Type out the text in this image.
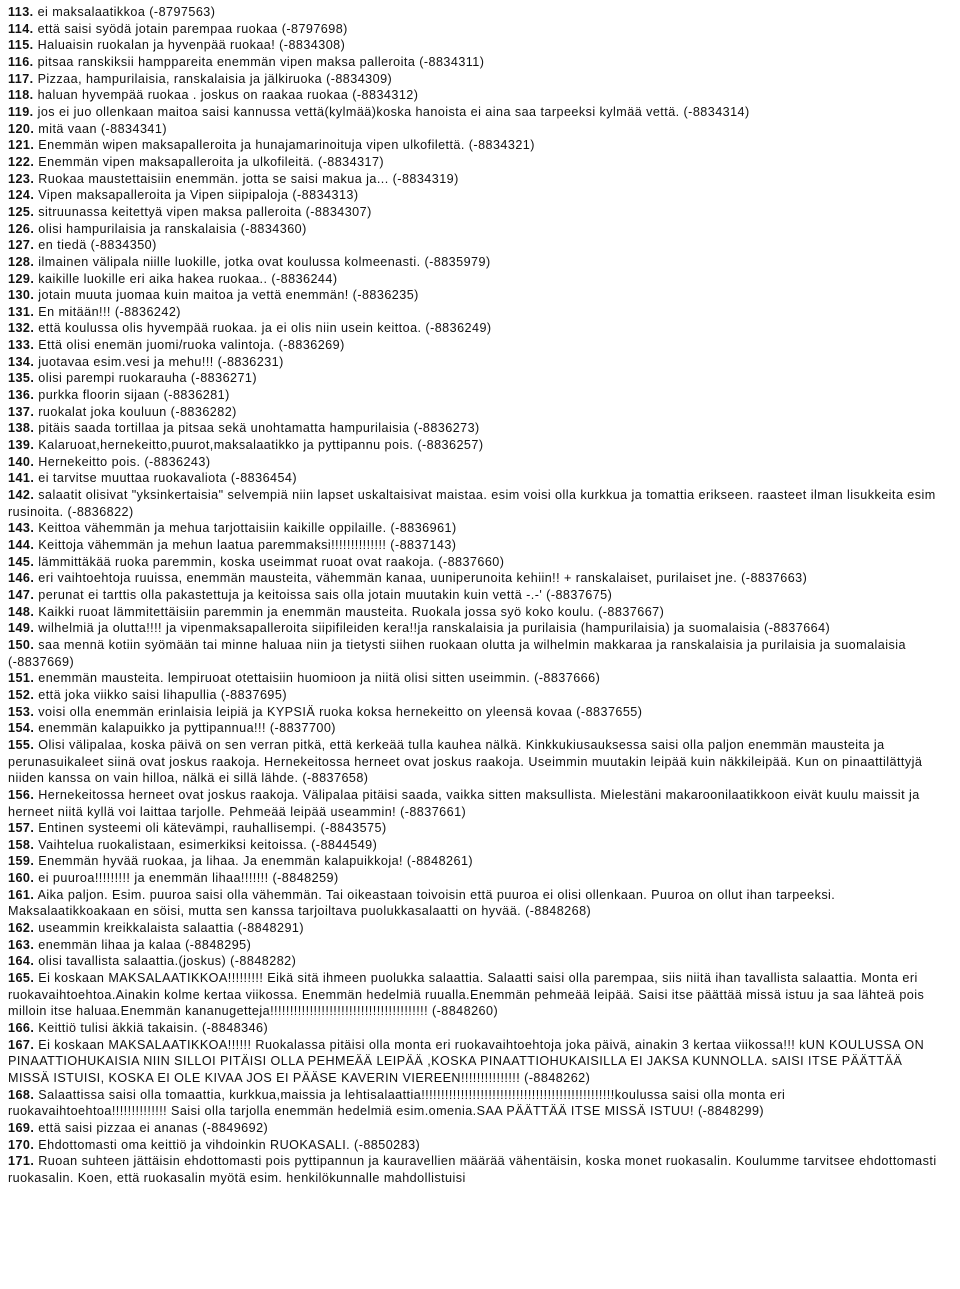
113. ei maksalaatikkoa (-8797563)

114. että saisi syödä jotain parempaa ruokaa (-8797698)

115. Haluaisin ruokalan ja hyvenpää ruokaa! (-8834308)

116. pitsaa ranskiksii hamppareita enemmän vipen maksa palleroita (-8834311)

117. Pizzaa, hampurilaisia, ranskalaisia ja jälkiruoka (-8834309)

118. haluan hyvempää ruokaa . joskus on raakaa ruokaa (-8834312)

119. jos ei juo ollenkaan maitoa saisi kannussa vettä(kylmää)koska hanoista ei aina saa tarpeeksi kylmää vettä. (-8834314)

120. mitä vaan (-8834341)

121. Enemmän wipen maksapalleroita ja hunajamarinoituja vipen ulkofilettä. (-8834321)

122. Enemmän vipen maksapalleroita ja ulkofileitä. (-8834317)

123. Ruokaa maustettaisiin enemmän. jotta se saisi makua ja... (-8834319)

124. Vipen maksapalleroita ja Vipen siipipaloja (-8834313)

125. sitruunassa keitettyä vipen maksa palleroita (-8834307)

126. olisi hampurilaisia ja ranskalaisia (-8834360)

127. en tiedä (-8834350)

128. ilmainen välipala niille luokille, jotka ovat koulussa kolmeenasti. (-8835979)

129. kaikille luokille eri aika hakea ruokaa.. (-8836244)

130. jotain muuta juomaa kuin maitoa ja vettä enemmän! (-8836235)

131. En mitään!!! (-8836242)

132. että koulussa olis hyvempää ruokaa. ja ei olis niin usein keittoa. (-8836249)

133. Että olisi enemän juomi/ruoka valintoja. (-8836269)

134. juotavaa esim.vesi ja mehu!!! (-8836231)

135. olisi parempi ruokarauha (-8836271)

136. purkka floorin sijaan (-8836281)

137. ruokalat joka kouluun (-8836282)

138. pitäis saada tortillaa ja pitsaa sekä unohtamatta hampurilaisia (-8836273)

139. Kalaruoat,hernekeitto,puurot,maksalaatikko ja pyttipannu pois. (-8836257)

140. Hernekeitto pois. (-8836243)

141. ei tarvitse muuttaa ruokavaliota (-8836454)

142. salaatit olisivat "yksinkertaisia" selvempiä niin lapset uskaltaisivat maistaa. esim voisi olla kurkkua ja tomattia erikseen. raasteet ilman lisukkeita esim rusinoita. (-8836822)

143. Keittoa vähemmän ja mehua tarjottaisiin kaikille oppilaille. (-8836961)

144. Keittoja vähemmän ja mehun laatua paremmaksi!!!!!!!!!!!!!! (-8837143)

145. lämmittäkää ruoka paremmin, koska useimmat ruoat ovat raakoja. (-8837660)

146. eri vaihtoehtoja ruuissa, enemmän mausteita, vähemmän kanaa, uuniperunoita kehiin!! + ranskalaiset, purilaiset jne. (-8837663)

147. perunat ei tarttis olla pakastettuja ja keitoissa sais olla jotain muutakin kuin vettä -.-' (-8837675)

148. Kaikki ruoat lämmitettäisiin paremmin ja enemmän mausteita. Ruokala jossa syö koko koulu. (-8837667)

149. wilhelmiä ja olutta!!!! ja vipenmaksapalleroita siipifileiden kera!!ja ranskalaisia ja purilaisia (hampurilaisia) ja suomalaisia (-8837664)

150. saa mennä kotiin syömään tai minne haluaa niin ja tietysti siihen ruokaan olutta ja wilhelmin makkaraa ja ranskalaisia ja purilaisia ja suomalaisia (-8837669)

151. enemmän mausteita. lempiruoat otettaisiin huomioon ja niitä olisi sitten useimmin. (-8837666)

152. että joka viikko saisi lihapullia (-8837695)

153. voisi olla enemmän erinlaisia leipiä ja KYPSIÄ ruoka koksa hernekeitto on yleensä kovaa (-8837655)

154. enemmän kalapuikko ja pyttipannua!!! (-8837700)

155. Olisi välipalaa, koska päivä on sen verran pitkä, että kerkeää tulla kauhea nälkä. Kinkkukiusauksessa saisi olla paljon enemmän mausteita ja perunasuikaleet siinä ovat joskus raakoja. Hernekeitossa herneet ovat joskus raakoja. Useimmin muutakin leipää kuin näkkileipää. Kun on pinaattilättyjä niiden kanssa on vain hilloa, nälkä ei sillä lähde. (-8837658)

156. Hernekeitossa herneet ovat joskus raakoja. Välipalaa pitäisi saada, vaikka sitten maksullista. Mielestäni makaroonilaatikkoon eivät kuulu maissit ja herneet niitä kyllä voi laittaa tarjolle. Pehmeää leipää useammin! (-8837661)

157. Entinen systeemi oli kätevämpi, rauhallisempi. (-8843575)

158. Vaihtelua ruokalistaan, esimerkiksi keitoissa. (-8844549)

159. Enemmän hyvää ruokaa, ja lihaa. Ja enemmän kalapuikkoja! (-8848261)

160. ei puuroa!!!!!!!!! ja enemmän lihaa!!!!!!! (-8848259)

161. Aika paljon. Esim. puuroa saisi olla vähemmän. Tai oikeastaan toivoisin että puuroa ei olisi ollenkaan. Puuroa on ollut ihan tarpeeksi. Maksalaatikkoakaan en söisi, mutta sen kanssa tarjoiltava puolukkasalaatti on hyvää. (-8848268)

162. useammin kreikkalaista salaattia (-8848291)

163. enemmän lihaa ja kalaa (-8848295)

164. olisi tavallista salaattia.(joskus) (-8848282)

165. Ei koskaan MAKSALAATIKKOA!!!!!!!!! Eikä sitä ihmeen puolukka salaattia. Salaatti saisi olla parempaa, siis niitä ihan tavallista salaattia. Monta eri ruokavaihtoehtoa.Ainakin kolme kertaa viikossa. Enemmän hedelmiä ruualla.Enemmän pehmeää leipää. Saisi itse päättää missä istuu ja saa lähteä pois milloin itse haluaa.Enemmän kananugetteja!!!!!!!!!!!!!!!!!!!!!!!!!!!!!!!!!!!!!!!! (-8848260)

166. Keittiö tulisi äkkiä takaisin. (-8848346)

167. Ei koskaan MAKSALAATIKKOA!!!!!! Ruokalassa pitäisi olla monta eri ruokavaihtoehtoja joka päivä, ainakin 3 kertaa viikossa!!! kUN KOULUSSA ON PINAATTIOHUKAISIA NIIN SILLOI PITÄISI OLLA PEHMEÄÄ LEIPÄÄ ,KOSKA PINAATTIOHUKAISILLA EI JAKSA KUNNOLLA. sAISI ITSE PÄÄTTÄÄ MISSÄ ISTUISI, KOSKA EI OLE KIVAA JOS EI PÄÄSE KAVERIN VIEREEN!!!!!!!!!!!!!!! (-8848262)

168. Salaattissa saisi olla tomaattia, kurkkua,maissia ja lehtisalaattia!!!!!!!!!!!!!!!!!!!!!!!!!!!!!!!!!!!!!!!!!!!!!!!!!koulussa saisi olla monta eri ruokavaihtoehtoa!!!!!!!!!!!!!! Saisi olla tarjolla enemmän hedelmiä esim.omenia.SAA PÄÄTTÄÄ ITSE MISSÄ ISTUU! (-8848299)

169. että saisi pizzaa ei ananas (-8849692)

170. Ehdottomasti oma keittiö ja vihdoinkin RUOKASALI. (-8850283)

171. Ruoan suhteen jättäisin ehdottomasti pois pyttipannun ja kauravellien määrää vähentäisin, koska monet ruokasalin. Koulumme tarvitsee ehdottomasti ruokasalin. Koen, että ruokasalin myötä esim. henkilökunnalle mahdollistuisi
